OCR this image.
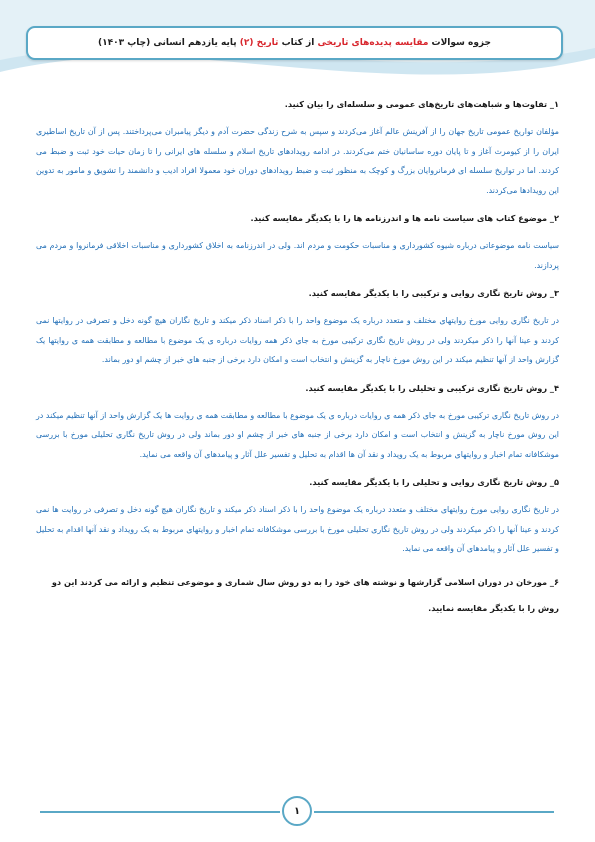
جزوه سوالات مقایسه پدیده‌های تاریخی از کتاب تاریخ (۲) پایه یازدهم انسانی (چاپ ۱۴۰۳)

۱_ تفاوت‌ها و شباهت‌های تاریخ‌های عمومی و سلسله‌ای را بیان کنید.

مؤلفان تواریخ عمومی تاریخ جهان را از آفرینش عالم آغاز می‌کردند و سپس به شرح زندگی حضرت آدم و دیگر پیامبران می‌پرداختند. پس از آن تاریخ اساطیری ایران را از کیومرث آغاز و تا پایان دوره ساسانیان ختم می‌کردند. در ادامه رویدادهای تاریخ اسلام و سلسله های ایرانی را تا زمان حیات خود ثبت و ضبط می کردند. اما در تواریخ سلسله ای فرمانروایان بزرگ و کوچک به منظور ثبت و ضبط رویدادهای دوران خود معمولا افراد ادیب و دانشمند را تشویق و مامور به تدوین این رویدادها می‌کردند.

۲_ موضوع کتاب های سیاست نامه ها و اندرزنامه ها را با یکدیگر مقایسه کنید.

سیاست نامه موضوعاتی درباره شیوه کشورداری و مناسبات حکومت و مردم اند. ولی در اندرزنامه به اخلاق کشورداری و مناسبات اخلاقی فرمانروا و مردم می پردازند.

۳_ روش تاریخ نگاری روایی و ترکیبی را با یکدیگر مقایسه کنید.

در تاریخ نگاری روایی مورخ روایتهای مختلف و متعدد درباره یک موضوع واحد را با ذکر اسناد ذکر میکند و تاریخ نگاران هیچ گونه دخل و تصرفی در روایتها نمی کردند و عینا آنها را ذکر میکردند ولی در روش تاریخ نگاری ترکیبی مورخ به جای ذکر همه روایات درباره ی یک موضوع با مطالعه و مطابقت همه ی روایتها یک گزارش واحد از آنها تنظیم میکند در این روش مورخ ناچار به گزینش و انتخاب است و امکان دارد برخی از جنبه های خبر از چشم او دور بماند.

۴_ روش تاریخ نگاری ترکیبی و تحلیلی را با یکدیگر مقایسه کنید.

در روش تاریخ نگاری ترکیبی مورخ به جای ذکر همه ی روایات درباره ی یک موضوع با مطالعه و مطابقت همه ی روایت ها یک گزارش واحد از آنها تنظیم میکند در این روش مورخ ناچار به گزینش و انتخاب است و امکان دارد برخی از جنبه های خبر از چشم او دور بماند ولی در روش تاریخ نگاری تحلیلی مورخ با بررسی موشکافانه تمام اخبار و روایتهای مربوط به یک رویداد و نقد آن ها اقدام به تحلیل و تفسیر علل آثار و پیامدهای آن واقعه می نماید.

۵_ روش تاریخ نگاری روایی و تحلیلی را با یکدیگر مقایسه کنید.

در تاریخ نگاری روایی مورخ روایتهای مختلف و متعدد درباره یک موضوع واحد را با ذکر اسناد ذکر میکند و تاریخ نگاران هیچ گونه دخل و تصرفی در روایت ها نمی کردند و عینا آنها را ذکر میکردند ولی در روش تاریخ نگاری تحلیلی مورخ با بررسی موشکافانه تمام اخبار و روایتهای مربوط به یک رویداد و نقد آنها اقدام به تحلیل و تفسیر علل آثار و پیامدهای آن واقعه می نماید.

۶_ مورخان در دوران اسلامی گزارشها و نوشته های خود را به دو روش سال شماری و موضوعی تنظیم و ارائه می کردند این دو روش را با یکدیگر مقایسه نمایید.

۱
